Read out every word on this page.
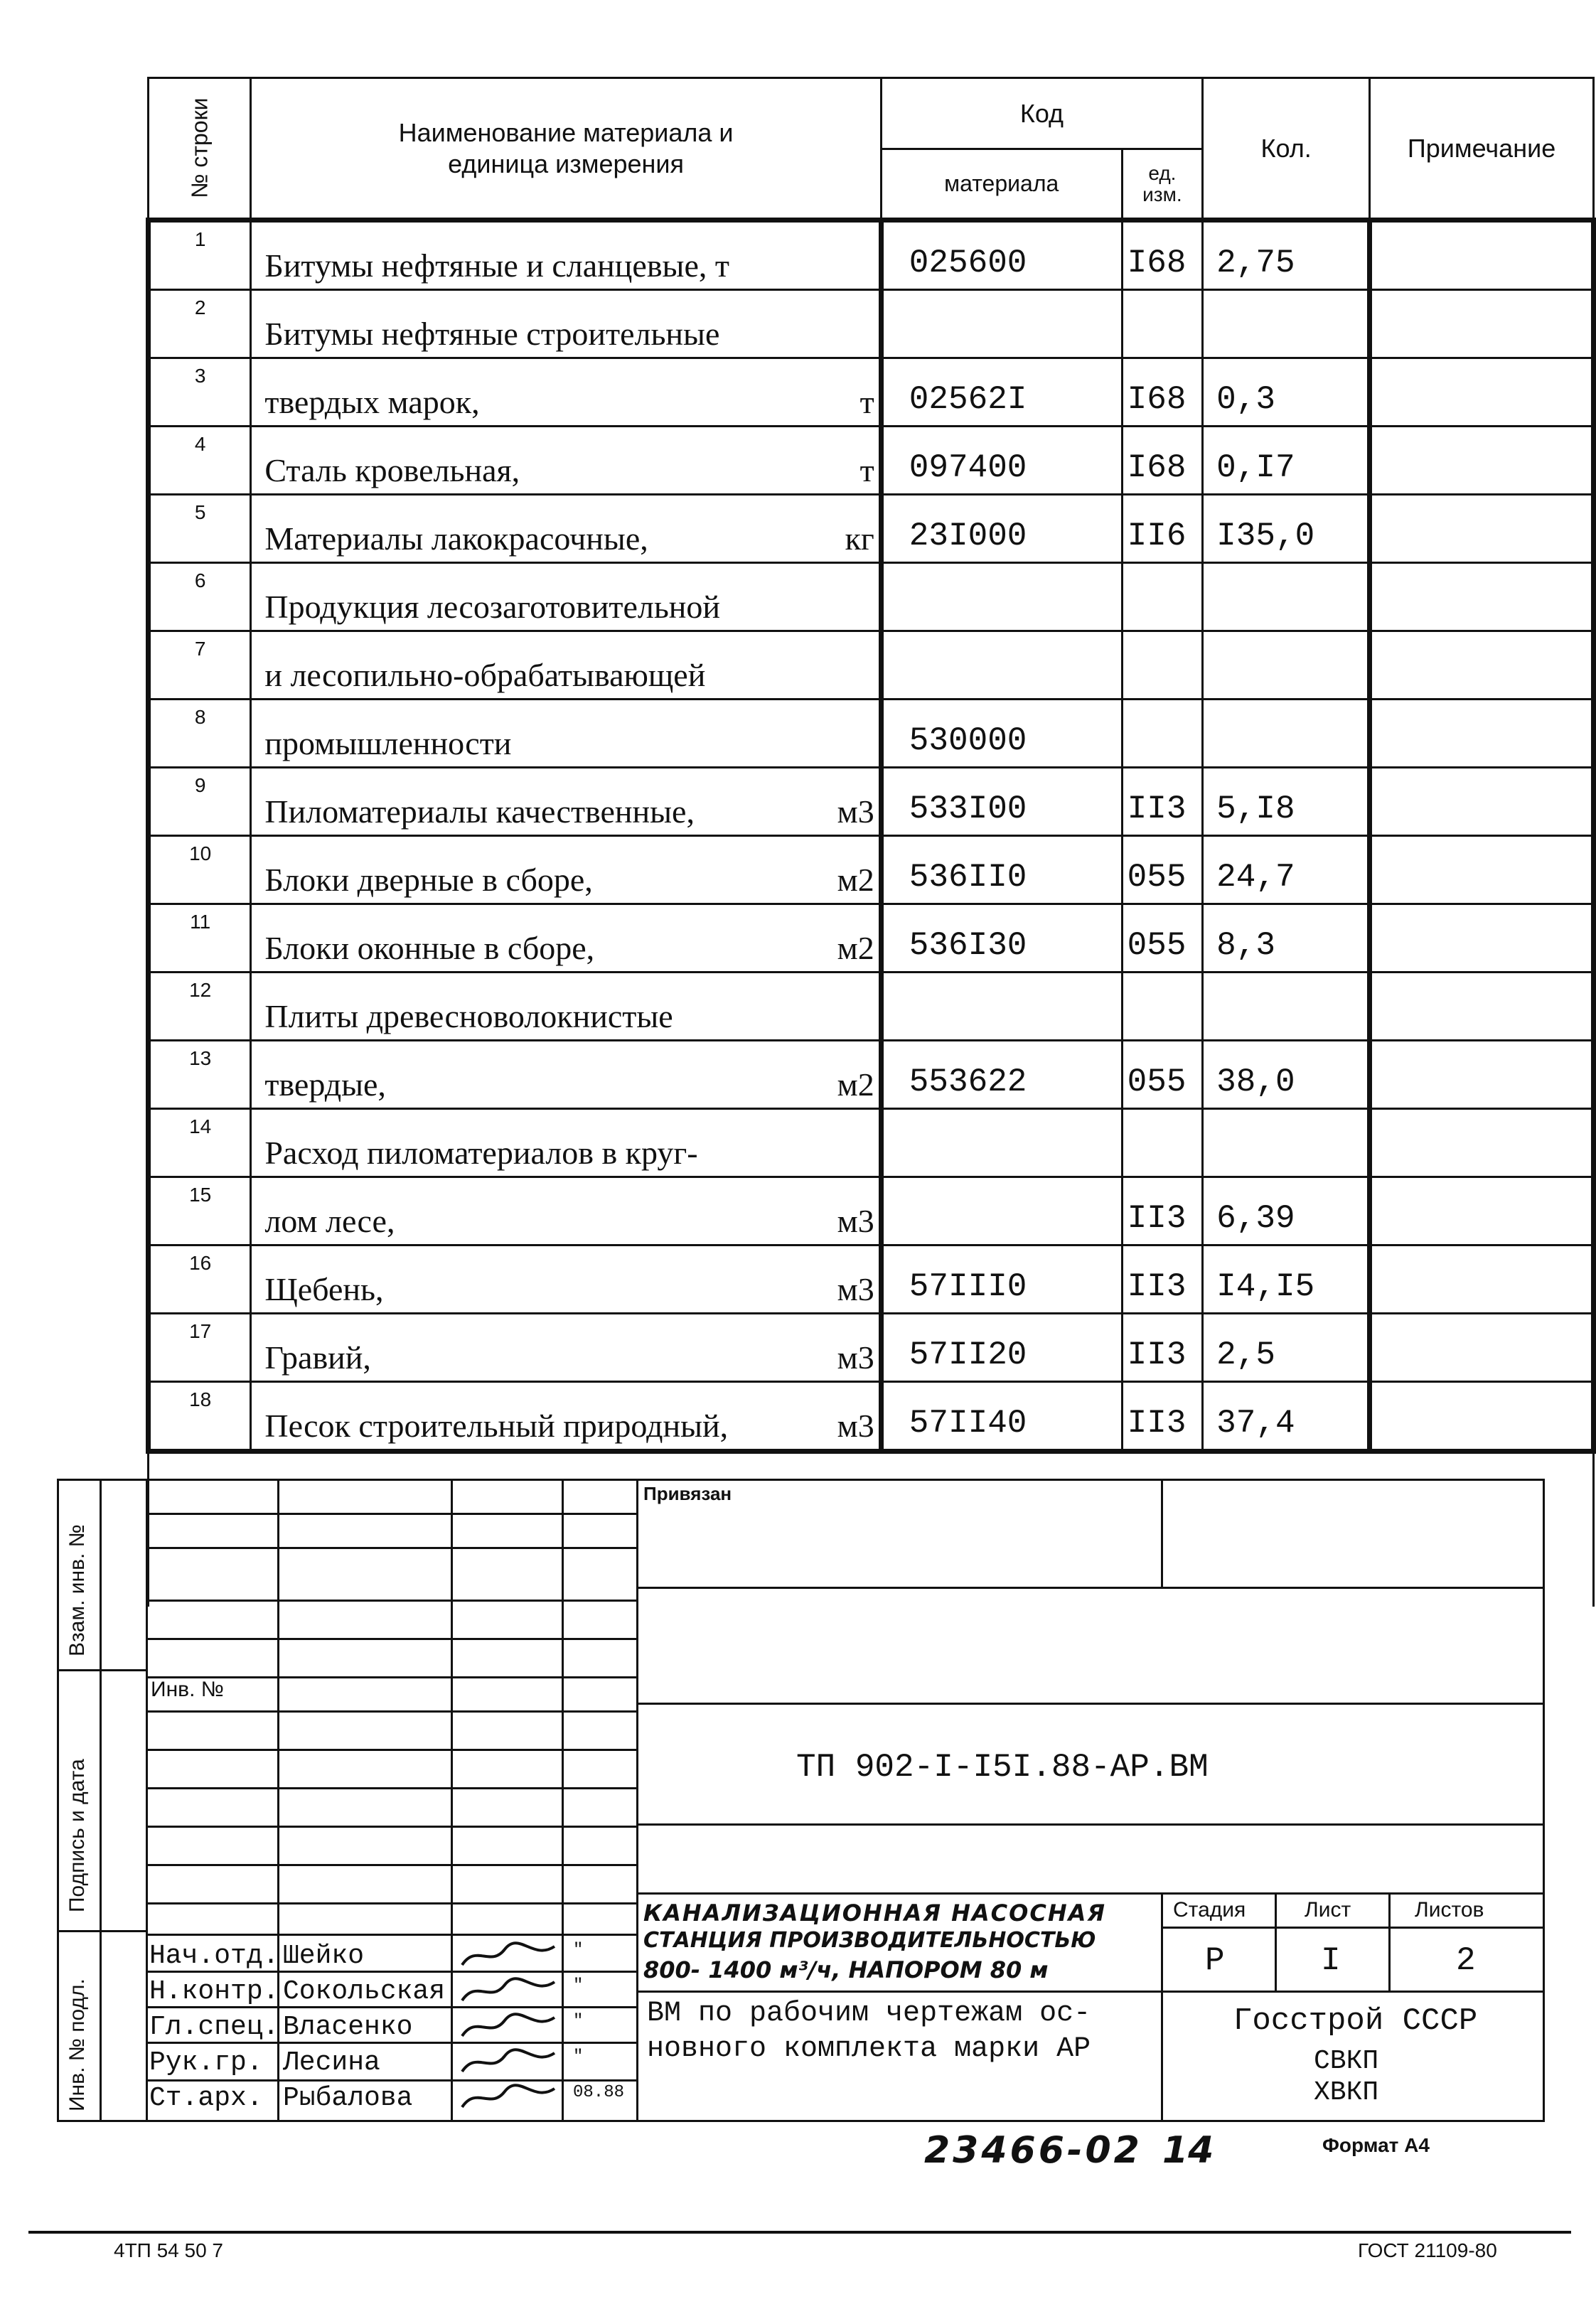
№ строки	Наименование материала и единица измерения	Код		Кол.	Примечание
		материала	ед. изм.		

1	Битумы нефтяные и сланцевые, т	025600	I68	2,75	
2	Битумы нефтяные строительные				

3	твердых марок, т	02562I	I68	0,3	
4	Сталь кровельная, т	097400	I68	0,I7	
5	Материалы лакокрасочные, кг	23I000	II6	I35,0	
6	Продукция лесозаготовительной				

7	и лесопильно-обрабатывающей				

8	промышленности	530000			
9	Пиломатериалы качественные, м3	533I00	II3	5,I8	
10	Блоки дверные в сборе, м2	536II0	055	24,7	
11	Блоки оконные в сборе, м2	536I30	055	8,3	
12	Плиты древесноволокнистые				

13	твердые, м2	553622	055	38,0	
14	Расход пиломатериалов в круг-				

15	лом лесе, м3		II3	6,39	
16	Щебень, м3	57III0	II3	I4,I5	
17	Гравий, м3	57II20	II3	2,5	
18	Песок строительный природный, м3	57II40	II3	37,4	

Взам. инв. №
Подпись и дата
Инв. № подл.
Инв. №
Привязан
ТП 902-I-I5I.88-АР.ВМ
КАНАЛИЗАЦИОННАЯ НАСОСНАЯ
СТАНЦИЯ ПРОИЗВОДИТЕЛЬНОСТЬЮ
800- 1400 м³/ч, НАПОРОМ 80 м
Стадия	Лист	Листов
Р	I	2
ВМ по рабочим чертежам ос-
новного комплекта марки АР
Госстрой СССР
СВКП
ХВКП
Нач.отд. Шейко	"
Н.контр. Сокольская	"
Гл.спец. Власенко	"
Рук.гр. Лесина	"
Ст.арх. Рыбалова	08.88
23466-02 14	Формат А4
4ТП 54 50 7	ГОСТ 21109-80
